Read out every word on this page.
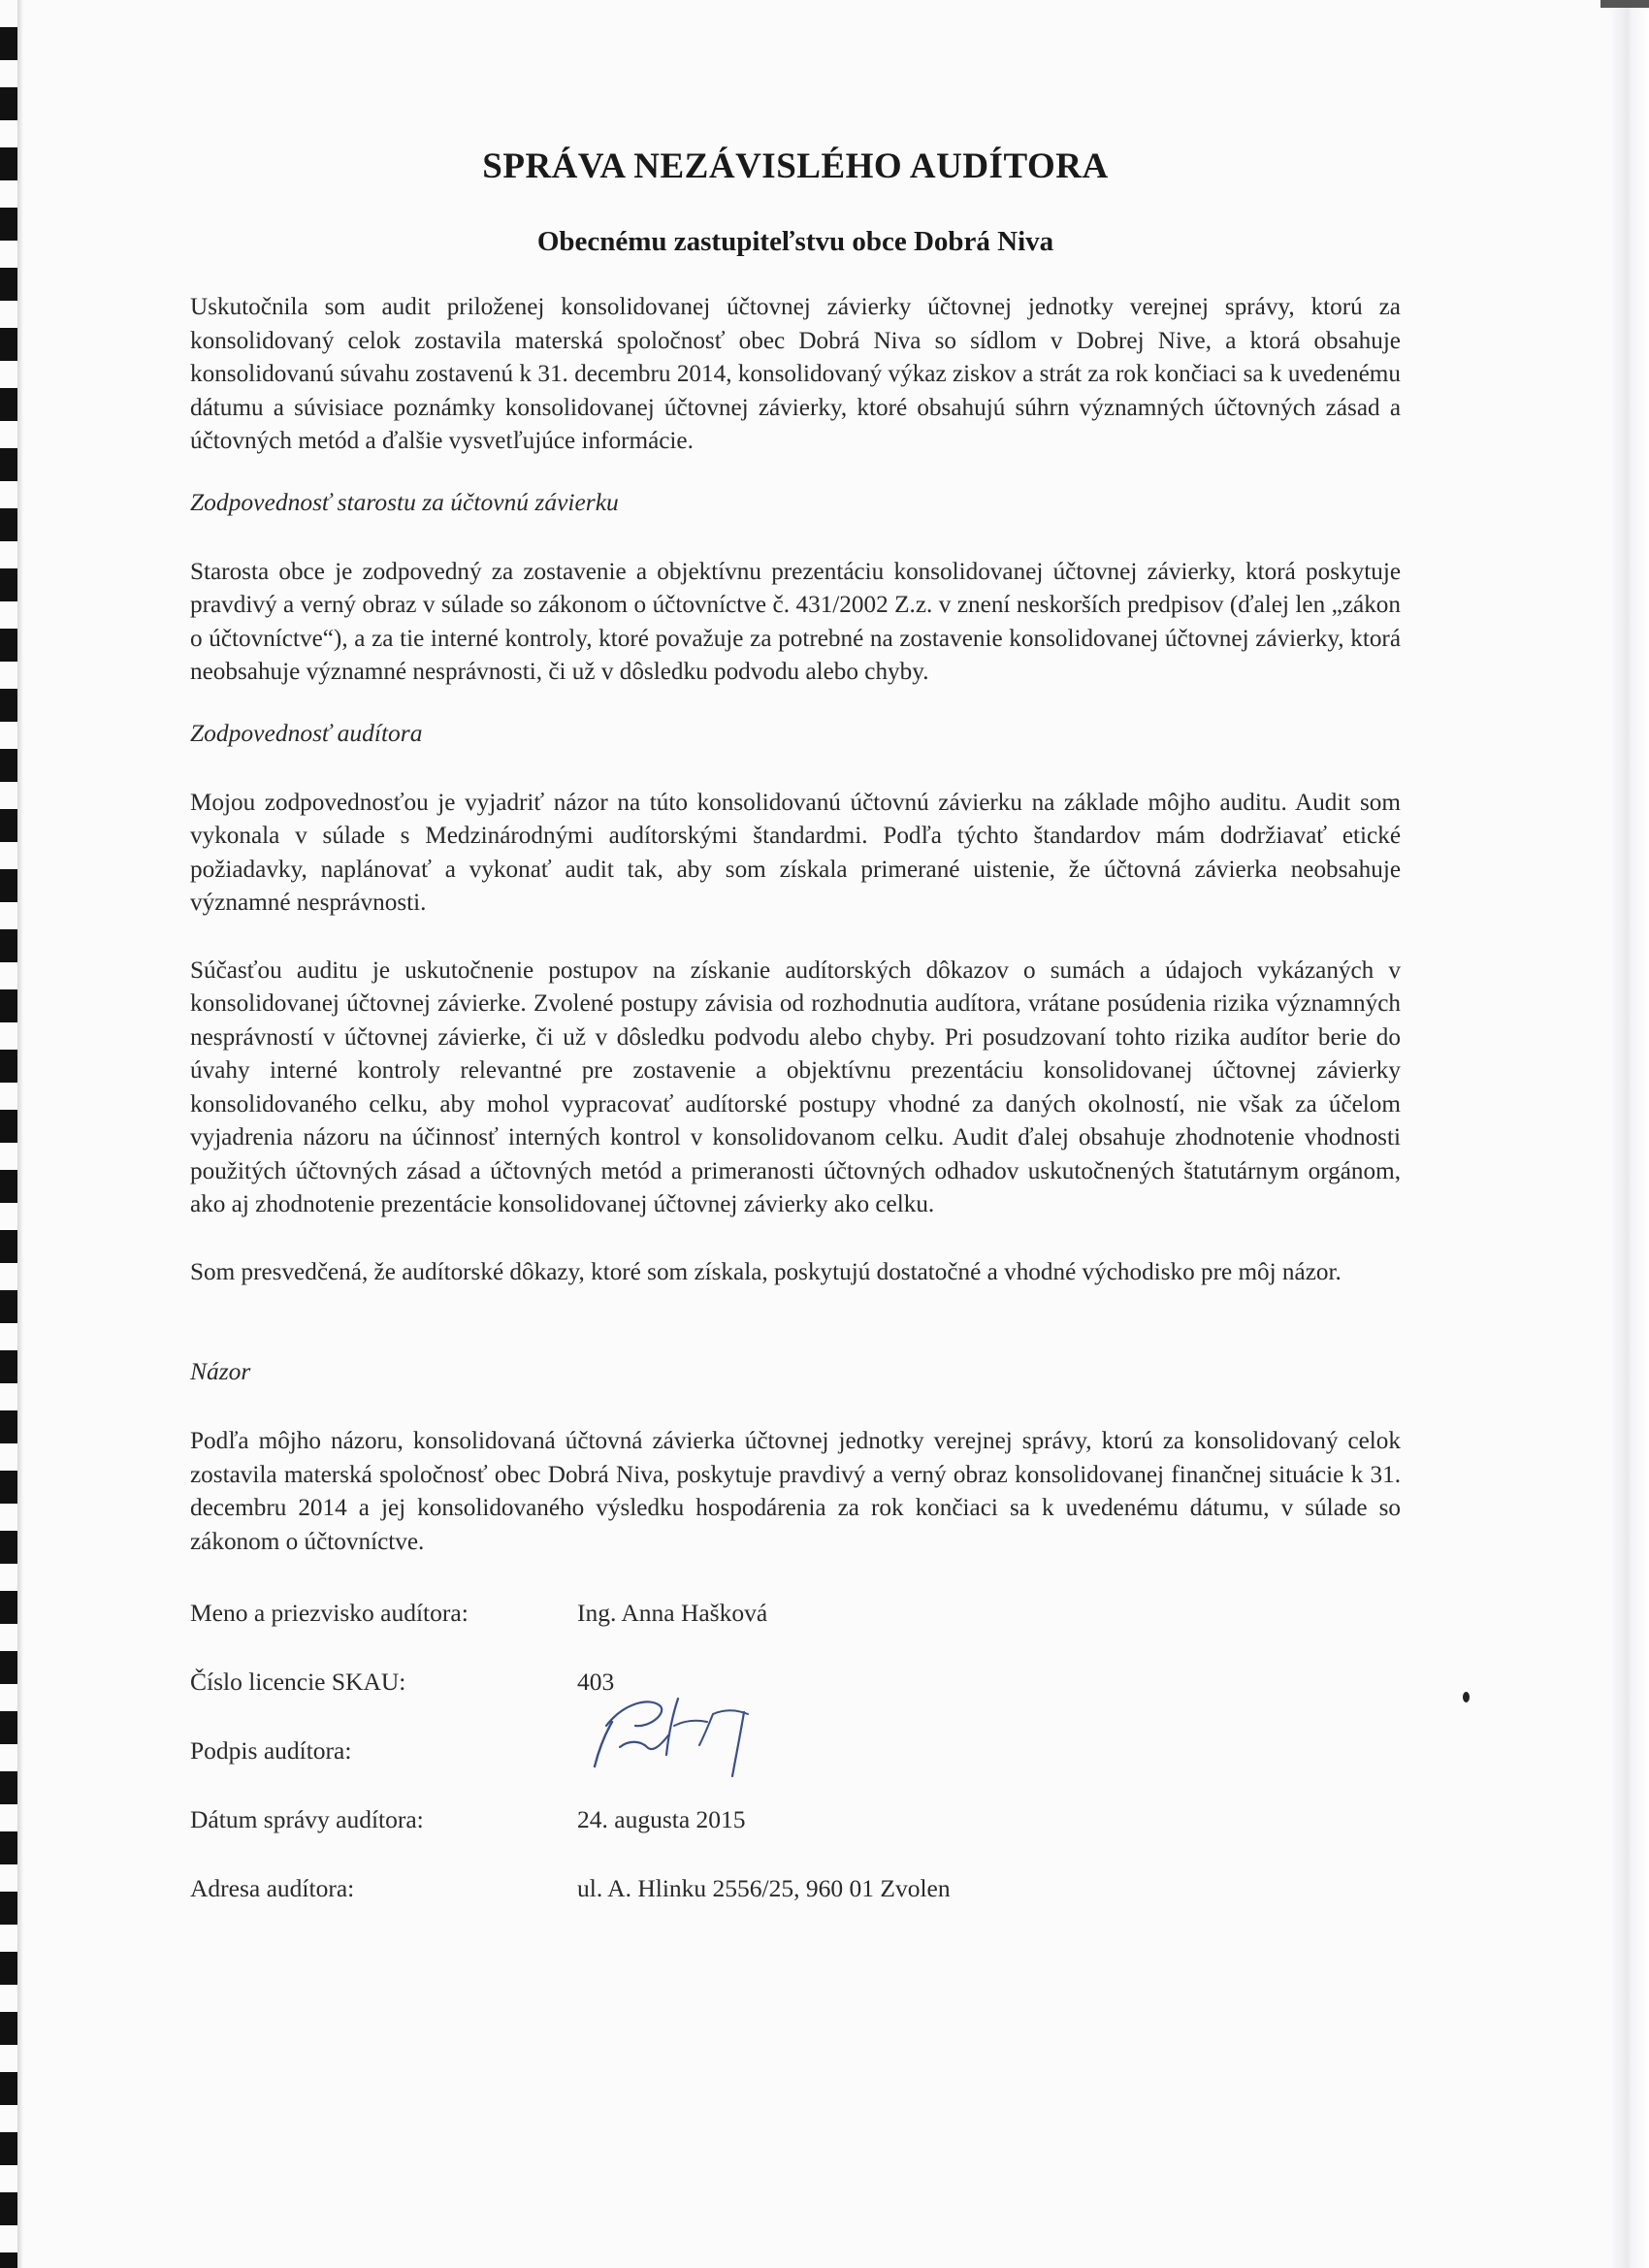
SPRÁVA NEZÁVISLÉHO AUDÍTORA
Obecnému zastupiteľstvu obce Dobrá Niva

Uskutočnila som audit priloženej konsolidovanej účtovnej závierky účtovnej jednotky verejnej správy, ktorú za konsolidovaný celok zostavila materská spoločnosť obec Dobrá Niva so sídlom v Dobrej Nive, a ktorá obsahuje konsolidovanú súvahu zostavenú k 31. decembru 2014, konsolidovaný výkaz ziskov a strát za rok končiaci sa k uvedenému dátumu a súvisiace poznámky konsolidovanej účtovnej závierky, ktoré obsahujú súhrn významných účtovných zásad a účtovných metód a ďalšie vysvetľujúce informácie.

Zodpovednosť starostu za účtovnú závierku

Starosta obce je zodpovedný za zostavenie a objektívnu prezentáciu konsolidovanej účtovnej závierky, ktorá poskytuje pravdivý a verný obraz v súlade so zákonom o účtovníctve č. 431/2002 Z.z. v znení neskorších predpisov (ďalej len „zákon o účtovníctve“), a za tie interné kontroly, ktoré považuje za potrebné na zostavenie konsolidovanej účtovnej závierky, ktorá neobsahuje významné nesprávnosti, či už v dôsledku podvodu alebo chyby.

Zodpovednosť audítora

Mojou zodpovednosťou je vyjadriť názor na túto konsolidovanú účtovnú závierku na základe môjho auditu. Audit som vykonala v súlade s Medzinárodnými audítorskými štandardmi. Podľa týchto štandardov mám dodržiavať etické požiadavky, naplánovať a vykonať audit tak, aby som získala primerané uistenie, že účtovná závierka neobsahuje významné nesprávnosti.

Súčasťou auditu je uskutočnenie postupov na získanie audítorských dôkazov o sumách a údajoch vykázaných v konsolidovanej účtovnej závierke. Zvolené postupy závisia od rozhodnutia audítora, vrátane posúdenia rizika významných nesprávností v účtovnej závierke, či už v dôsledku podvodu alebo chyby. Pri posudzovaní tohto rizika audítor berie do úvahy interné kontroly relevantné pre zostavenie a objektívnu prezentáciu konsolidovanej účtovnej závierky konsolidovaného celku, aby mohol vypracovať audítorské postupy vhodné za daných okolností, nie však za účelom vyjadrenia názoru na účinnosť interných kontrol v konsolidovanom celku. Audit ďalej obsahuje zhodnotenie vhodnosti použitých účtovných zásad a účtovných metód a primeranosti účtovných odhadov uskutočnených štatutárnym orgánom, ako aj zhodnotenie prezentácie konsolidovanej účtovnej závierky ako celku.

Som presvedčená, že audítorské dôkazy, ktoré som získala, poskytujú dostatočné a vhodné východisko pre môj názor.

Názor

Podľa môjho názoru, konsolidovaná účtovná závierka účtovnej jednotky verejnej správy, ktorú za konsolidovaný celok zostavila materská spoločnosť obec Dobrá Niva, poskytuje pravdivý a verný obraz konsolidovanej finančnej situácie k 31. decembru 2014 a jej konsolidovaného výsledku hospodárenia za rok končiaci sa k uvedenému dátumu, v súlade so zákonom o účtovníctve.

Meno a priezvisko audítora:	Ing. Anna Hašková
Číslo licencie SKAU:	403
Podpis audítora:
Dátum správy audítora:	24. augusta 2015
Adresa audítora:	ul. A. Hlinku 2556/25, 960 01 Zvolen
